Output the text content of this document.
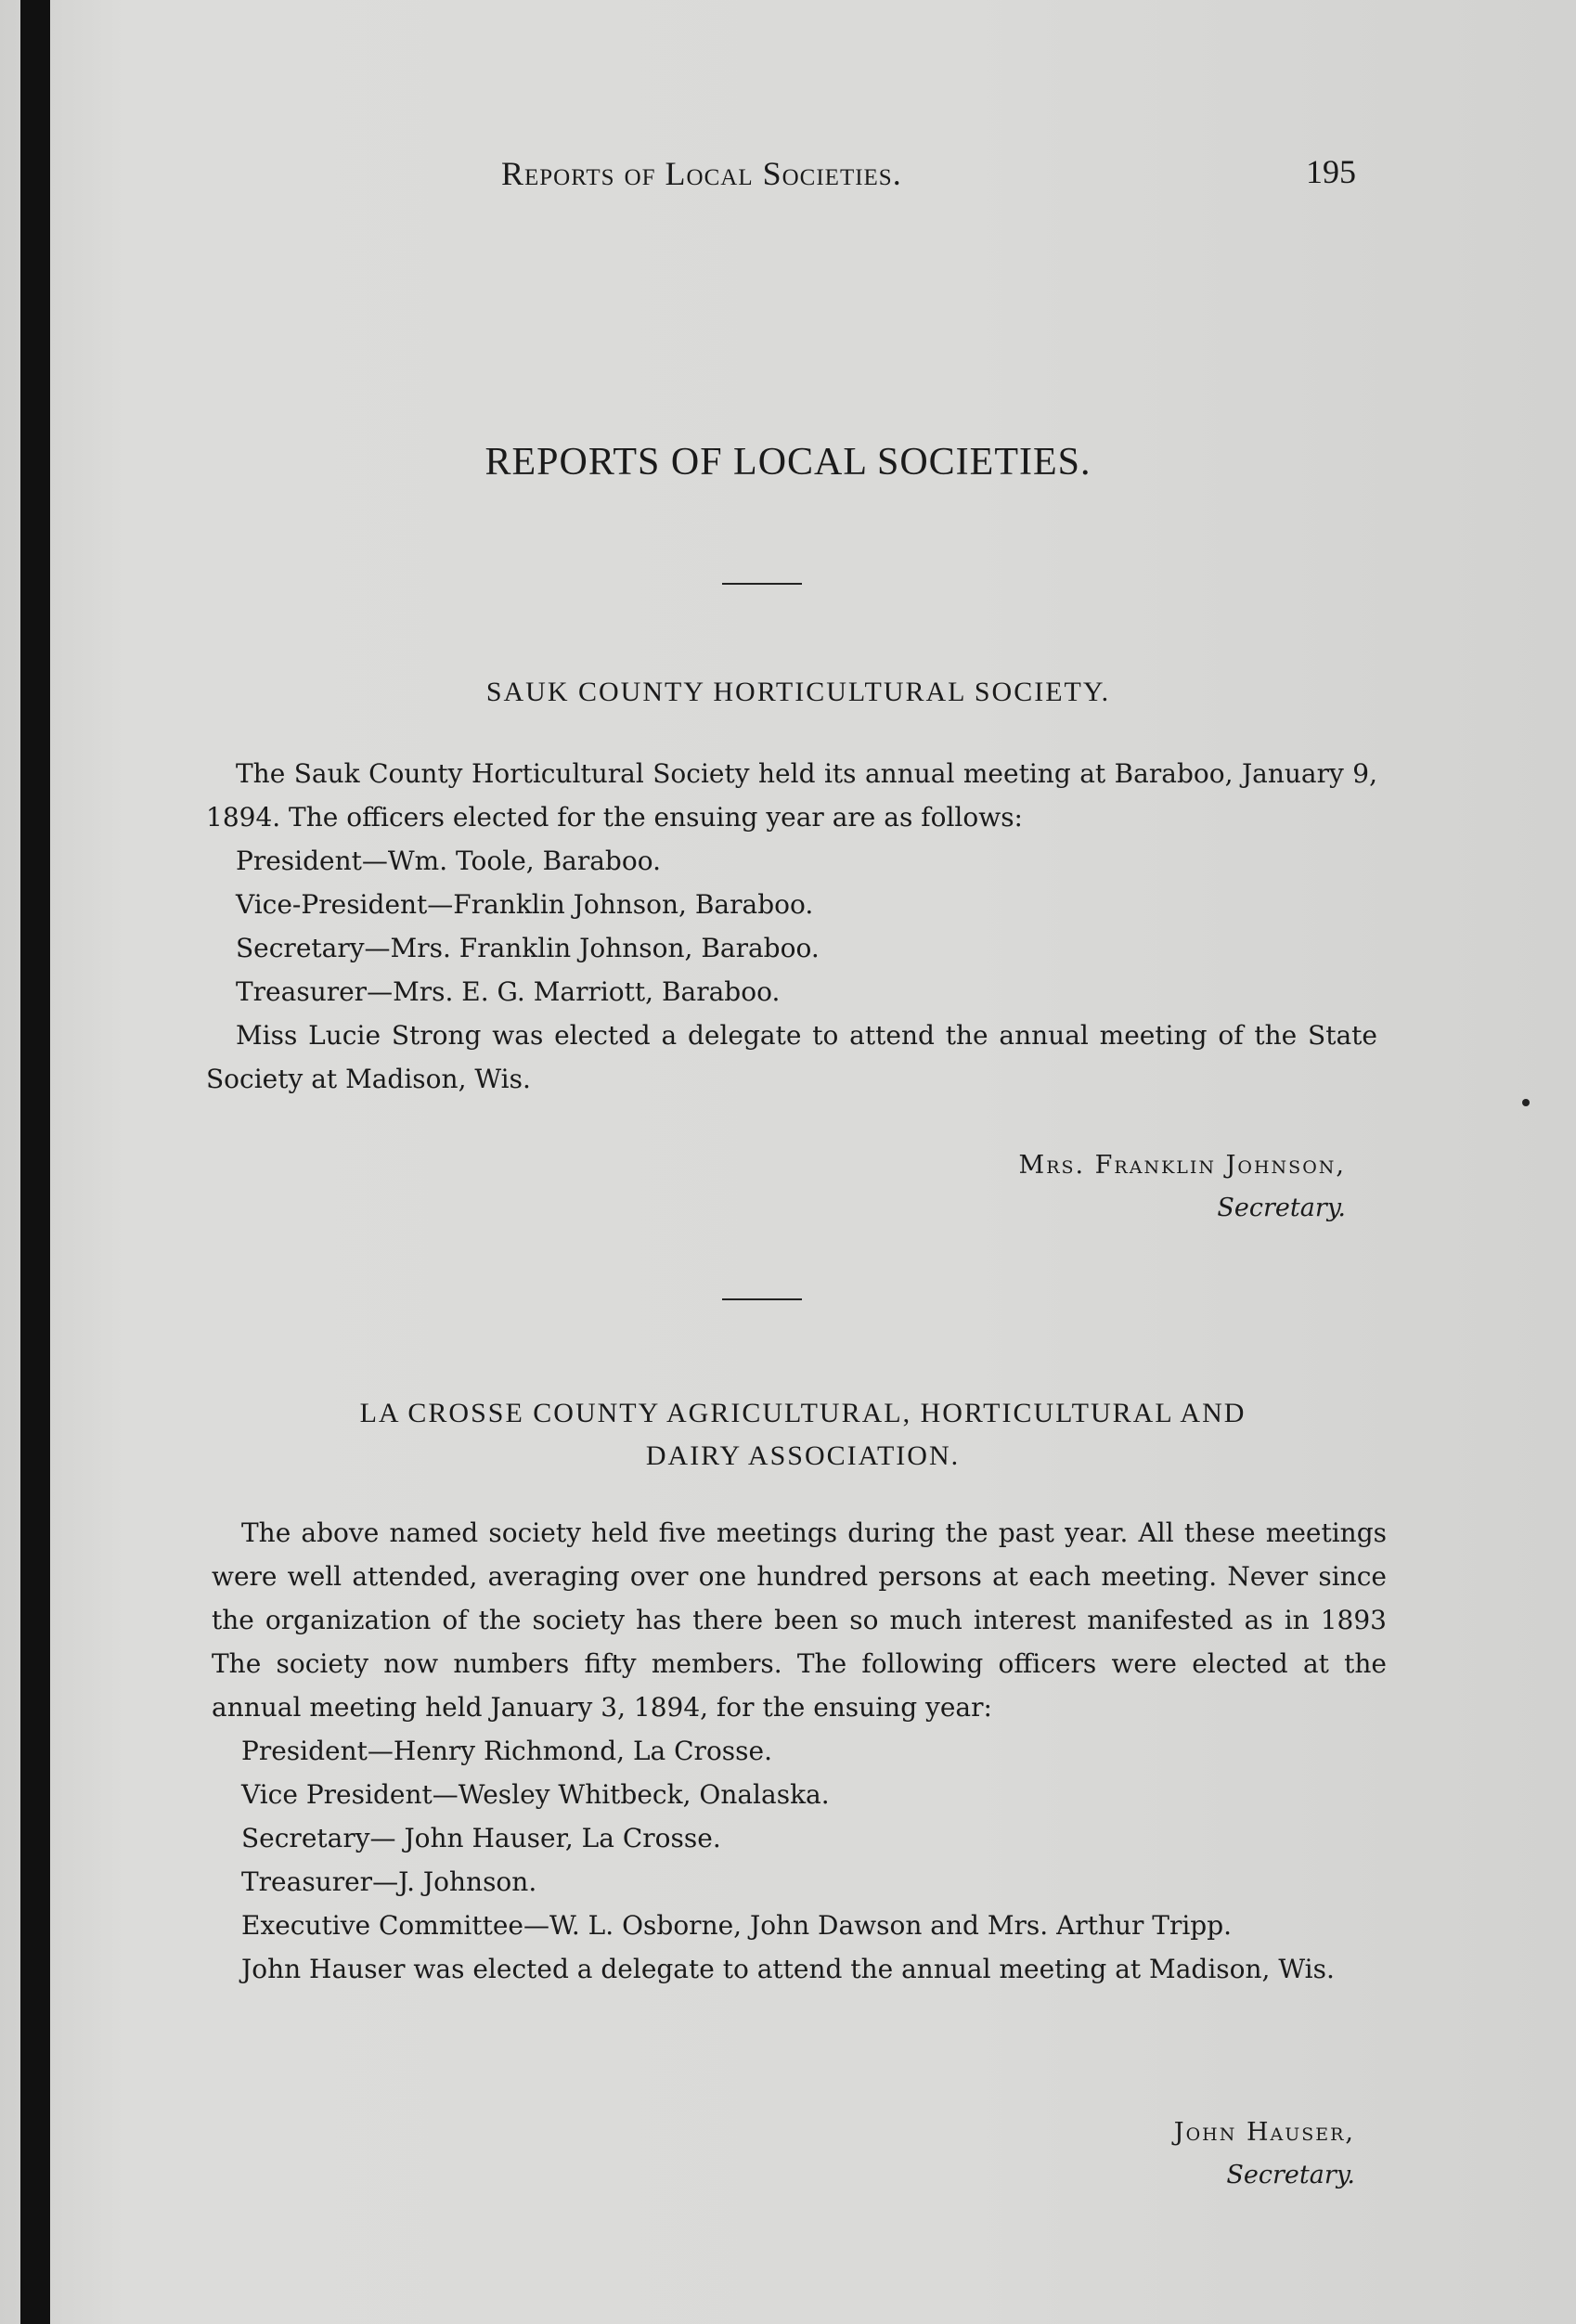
Reports of Local Societies.	195
REPORTS OF LOCAL SOCIETIES.
SAUK COUNTY HORTICULTURAL SOCIETY.

The Sauk County Horticultural Society held its annual meeting at Baraboo, January 9, 1894. The officers elected for the ensuing year are as follows:

President—Wm. Toole, Baraboo.
Vice-President—Franklin Johnson, Baraboo.
Secretary—Mrs. Franklin Johnson, Baraboo.
Treasurer—Mrs. E. G. Marriott, Baraboo.

Miss Lucie Strong was elected a delegate to attend the annual meeting of the State Society at Madison, Wis.

Mrs. Franklin Johnson,
Secretary.
LA CROSSE COUNTY AGRICULTURAL, HORTICULTURAL AND
DAIRY ASSOCIATION.

The above named society held five meetings during the past year. All these meetings were well attended, averaging over one hundred persons at each meeting. Never since the organization of the society has there been so much interest manifested as in 1893 The society now numbers fifty members. The following officers were elected at the annual meeting held January 3, 1894, for the ensuing year:

President—Henry Richmond, La Crosse.
Vice President—Wesley Whitbeck, Onalaska.
Secretary— John Hauser, La Crosse.
Treasurer—J. Johnson.

Executive Committee—W. L. Osborne, John Dawson and Mrs. Arthur Tripp.

John Hauser was elected a delegate to attend the annual meeting at Madison, Wis.

John Hauser,
Secretary.
